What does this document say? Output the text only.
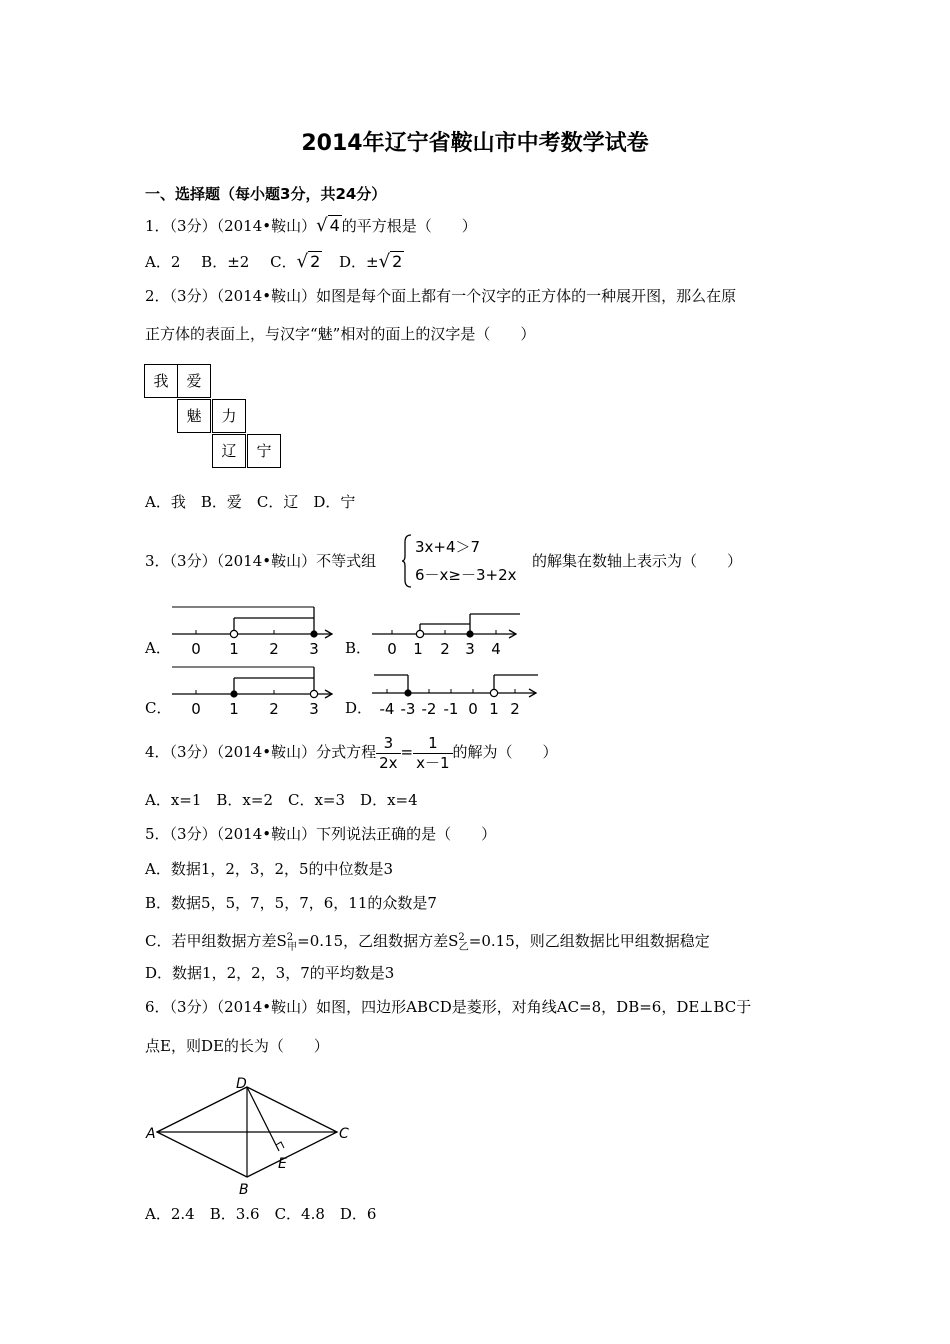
2014年辽宁省鞍山市中考数学试卷
一、选择题（每小题3分，共24分）
1．（3分）（2014•鞍山）√ 4 的平方根是（　　）
A．2 B．±2 C．√ 2 D．±√ 2
2．（3分）（2014•鞍山）如图是每个面上都有一个汉字的正方体的一种展开图，那么在原
正方体的表面上，与汉字“魅”相对的面上的汉字是（　　）
我	爱
魅	力
辽	宁
A．我　B．爱　C．辽　D．宁
3．（3分）（2014•鞍山）不等式组
3x+4＞7
6－x≥－3+2x
的解集在数轴上表示为（　　）
A．	B．
C．	D．
0 1 2 3	0 1 2 3 4
0 1 2 3	-4 -3 -2 -1 0 1 2
4．（3分）（2014•鞍山）分式方程 $\frac{3}{2x} = \frac{1}{x-1}$ 的解为（　　）
A．x=1　B．x=2　C．x=3　D．x=4
5．（3分）（2014•鞍山）下列说法正确的是（　　）
A．数据1，2，3，2，5的中位数是3
B．数据5，5，7，5，7，6，11的众数是7
C．若甲组数据方差$S^2_甲=0.15$，乙组数据方差$S^2_乙=0.15$，则乙组数据比甲组数据稳定
D．数据1，2，2，3，7的平均数是3
6．（3分）（2014•鞍山）如图，四边形ABCD是菱形，对角线AC=8，DB=6，DE⊥BC于
点E，则DE的长为（　　）
A
B
C
D
E
A．2.4　B．3.6　C．4.8　D．6
